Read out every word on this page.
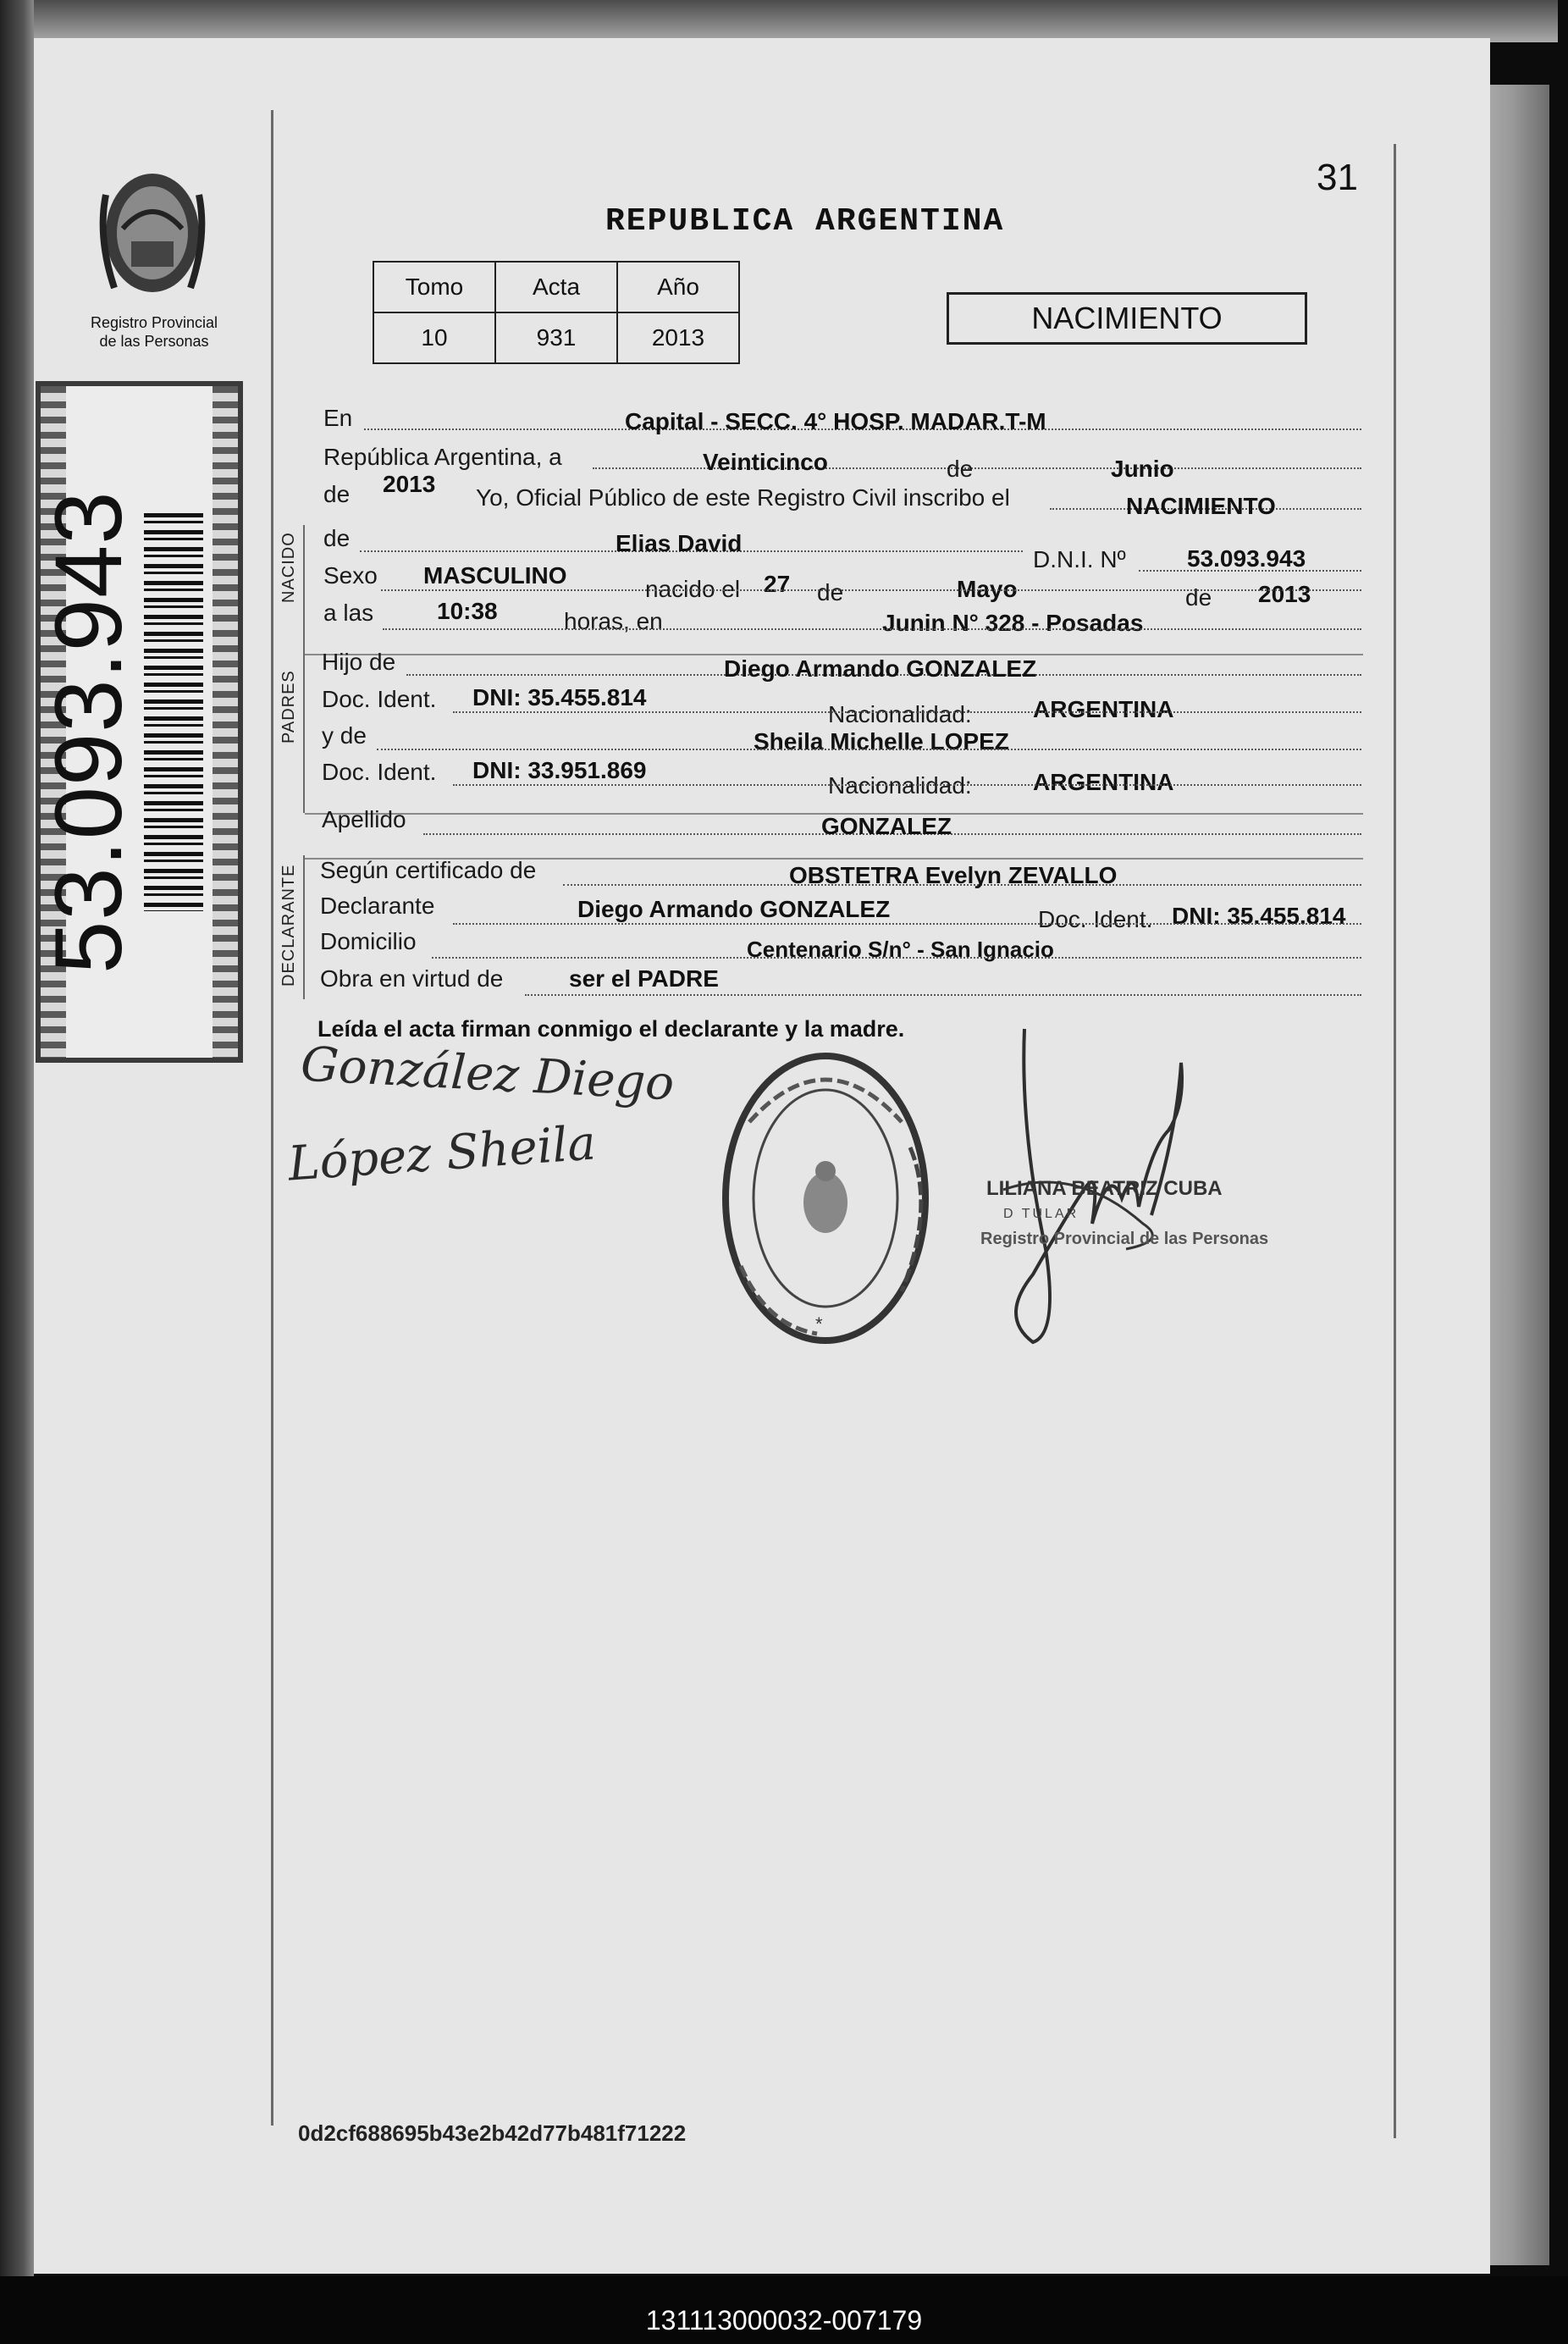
31
Registro Provincial
de las Personas
53.093.943
REPUBLICA ARGENTINA
Tomo	Acta	Año
10	931	2013
NACIMIENTO
NACIDO
PADRES
DECLARANTE
En	Capital - SECC. 4° HOSP. MADAR.T-M
República Argentina, a	Veinticinco	de	Junio
de 2013
Yo, Oficial Público de este Registro Civil inscribo el	NACIMIENTO
de	Elias David
D.N.I. Nº	53.093.943
Sexo MASCULINO
nacido el 27 de	Mayo	de 2013
a las	10:38	horas, en	Junin N° 328 - Posadas
Hijo de	Diego Armando GONZALEZ
Doc. Ident. DNI: 35.455.814
Nacionalidad:	ARGENTINA
y de	Sheila Michelle LOPEZ
Doc. Ident. DNI: 33.951.869
Nacionalidad:	ARGENTINA
Apellido	GONZALEZ
Según certificado de	OBSTETRA Evelyn ZEVALLO
Declarante	Diego Armando GONZALEZ	Doc. Ident. DNI: 35.455.814
Domicilio	Centenario S/n° - San Ignacio
Obra en virtud de	ser el PADRE
Leída el acta firman conmigo el declarante y la madre.
González Diego
López Sheila
*
LILIANA BEATRIZ CUBA
D TULAR
Registro Provincial de las Personas
0d2cf688695b43e2b42d77b481f71222
131113000032-007179
